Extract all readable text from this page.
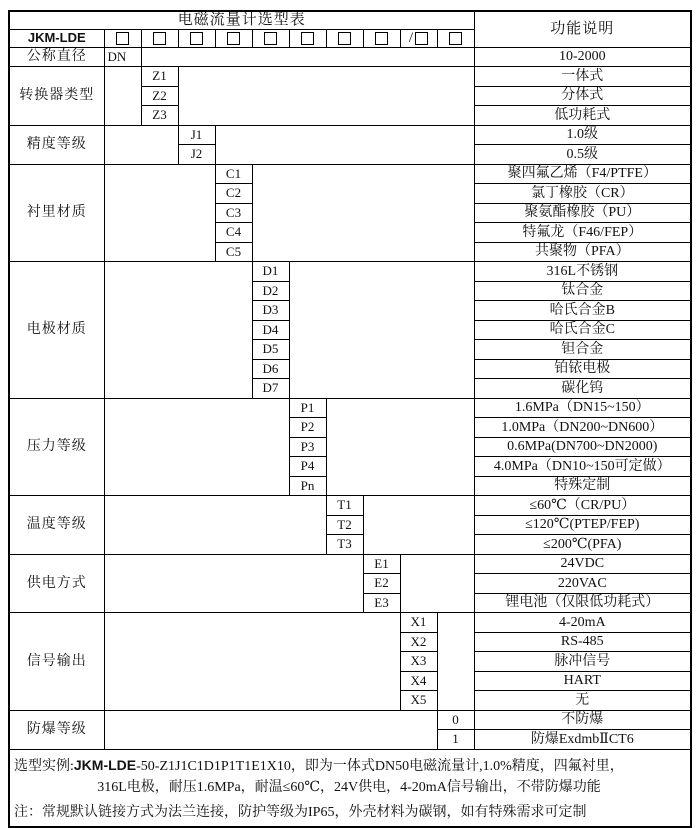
电磁流量计选型表											功能说明
JKM-LDE									/		
公称直径	DN										10-2000
转换器类型		Z1									一体式
		Z2									分体式
		Z3									低功耗式
精度等级			J1								1.0级
			J2								0.5级
衬里材质				C1							聚四氟乙烯（F4/PTFE）
				C2							氯丁橡胶（CR）
				C3							聚氨酯橡胶（PU）
				C4							特氟龙（F46/FEP）
				C5							共聚物（PFA）
电极材质					D1						316L不锈钢
					D2						钛合金
					D3						哈氏合金B
					D4						哈氏合金C
					D5						钽合金
					D6						铂铱电极
					D7						碳化钨
压力等级						P1					1.6MPa（DN15~150）
						P2					1.0MPa（DN200~DN600）
						P3					0.6MPa(DN700~DN2000)
						P4					4.0MPa（DN10~150可定做）
						Pn					特殊定制
温度等级							T1				≤60℃（CR/PU）
							T2				≤120℃(PTEP/FEP)
							T3				≤200℃(PFA)
供电方式								E1			24VDC
								E2			220VAC
								E3			锂电池（仅限低功耗式）
信号输出									X1		4-20mA
									X2		RS-485
									X3		脉冲信号
									X4		HART
									X5		无
防爆等级										0	不防爆
										1	防爆ExdmbⅡCT6

选型实例:JKM-LDE-50-Z1J1C1D1P1T1E1X10，即为一体式DN50电磁流量计,1.0%精度，四氟衬里，
316L电极，耐压1.6MPa，耐温≤60℃，24V供电，4-20mA信号输出，不带防爆功能
注：常规默认链接方式为法兰连接，防护等级为IP65，外壳材料为碳钢，如有特殊需求可定制											
